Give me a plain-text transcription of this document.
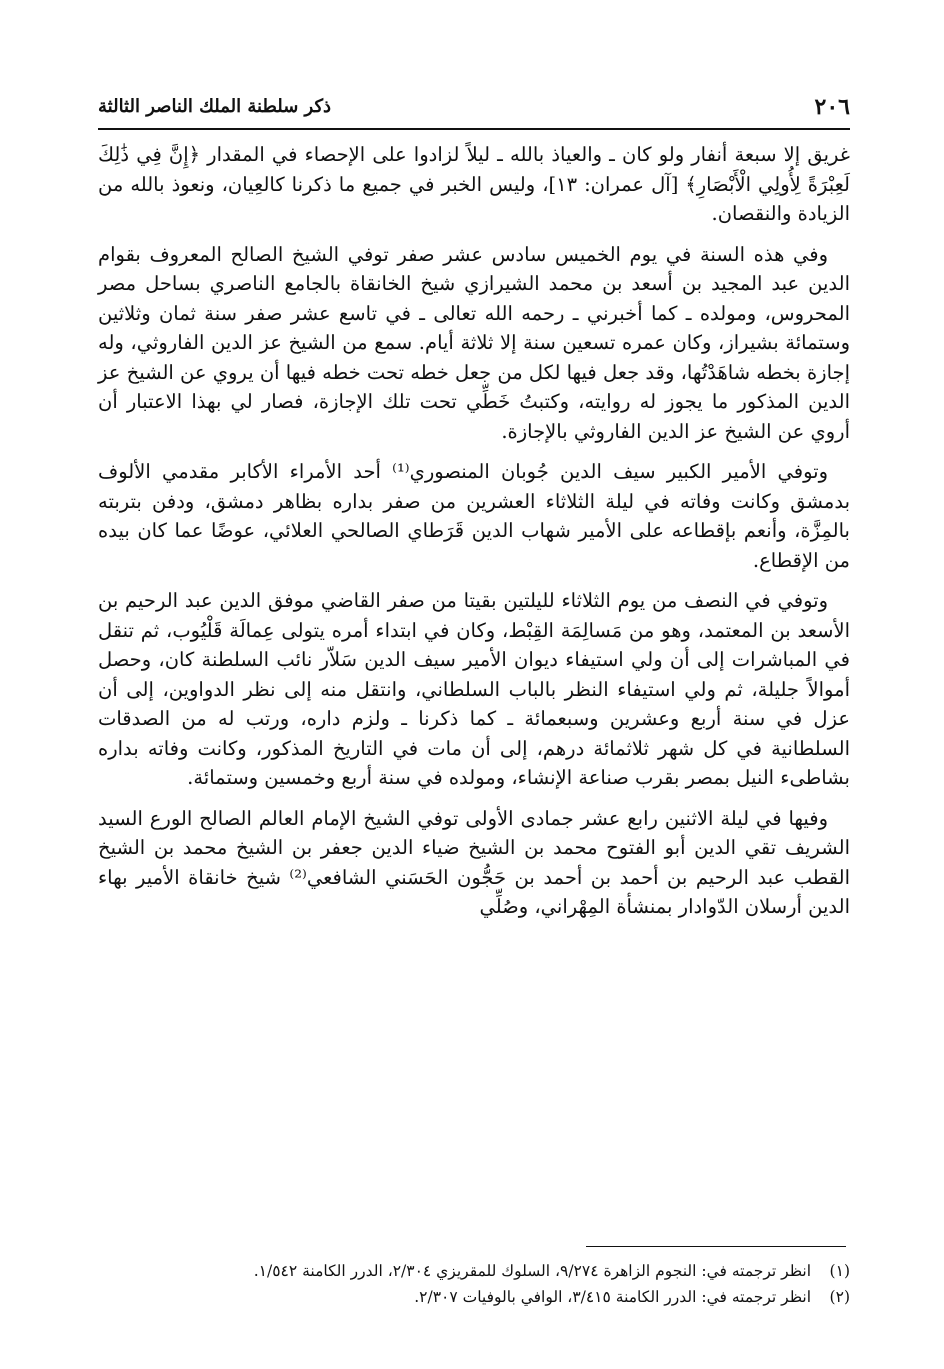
٢٠٦
ذكر سلطنة الملك الناصر الثالثة

غريق إلا سبعة أنفار ولو كان ـ والعياذ بالله ـ ليلاً لزادوا على الإحصاء في المقدار ﴿إِنَّ فِي ذَٰلِكَ لَعِبْرَةً لِأُولِي الْأَبْصَارِ﴾ [آل عمران: ١٣]، وليس الخبر في جميع ما ذكرنا كالعِيان، ونعوذ بالله من الزيادة والنقصان.

وفي هذه السنة في يوم الخميس سادس عشر صفر توفي الشيخ الصالح المعروف بقوام الدين عبد المجيد بن أسعد بن محمد الشيرازي شيخ الخانقاة بالجامع الناصري بساحل مصر المحروس، ومولده ـ كما أخبرني ـ رحمه الله تعالى ـ في تاسع عشر صفر سنة ثمان وثلاثين وستمائة بشيراز، وكان عمره تسعين سنة إلا ثلاثة أيام. سمع من الشيخ عز الدين الفاروثي، وله إجازة بخطه شاهَدْتُها، وقد جعل فيها لكل من جعل خطه تحت خطه فيها أن يروي عن الشيخ عز الدين المذكور ما يجوز له روايته، وكتبتُ خَطِّي تحت تلك الإجازة، فصار لي بهذا الاعتبار أن أروي عن الشيخ عز الدين الفاروثي بالإجازة.

وتوفي الأمير الكبير سيف الدين جُوبان المنصوري⁽¹⁾ أحد الأمراء الأكابر مقدمي الألوف بدمشق وكانت وفاته في ليلة الثلاثاء العشرين من صفر بداره بظاهر دمشق، ودفن بتربته بالمِزَّة، وأنعم بإقطاعه على الأمير شهاب الدين قَرَطاي الصالحي العلائي، عوضًا عما كان بيده من الإقطاع.

وتوفي في النصف من يوم الثلاثاء لليلتين بقيتا من صفر القاضي موفق الدين عبد الرحيم بن الأسعد بن المعتمد، وهو من مَسالِمَة القِبْط، وكان في ابتداء أمره يتولى عِمالَة قَلْيُوب، ثم تنقل في المباشرات إلى أن ولي استيفاء ديوان الأمير سيف الدين سَلاّر نائب السلطنة كان، وحصل أموالاً جليلة، ثم ولي استيفاء النظر بالباب السلطاني، وانتقل منه إلى نظر الدواوين، إلى أن عزل في سنة أربع وعشرين وسبعمائة ـ كما ذكرنا ـ ولزم داره، ورتب له من الصدقات السلطانية في كل شهر ثلاثمائة درهم، إلى أن مات في التاريخ المذكور، وكانت وفاته بداره بشاطىء النيل بمصر بقرب صناعة الإنشاء، ومولده في سنة أربع وخمسين وستمائة.

وفيها في ليلة الاثنين رابع عشر جمادى الأولى توفي الشيخ الإمام العالم الصالح الورع السيد الشريف تقي الدين أبو الفتوح محمد بن الشيخ ضياء الدين جعفر بن الشيخ محمد بن الشيخ القطب عبد الرحيم بن أحمد بن أحمد بن حَجُّون الحَسَني الشافعي⁽²⁾ شيخ خانقاة الأمير بهاء الدين أرسلان الدّوادار بمنشأة المِهْراني، وصُلِّي

(١) انظر ترجمته في: النجوم الزاهرة ٩/٢٧٤، السلوك للمقريزي ٢/٣٠٤، الدرر الكامنة ١/٥٤٢.

(٢) انظر ترجمته في: الدرر الكامنة ٣/٤١٥، الوافي بالوفيات ٢/٣٠٧.
